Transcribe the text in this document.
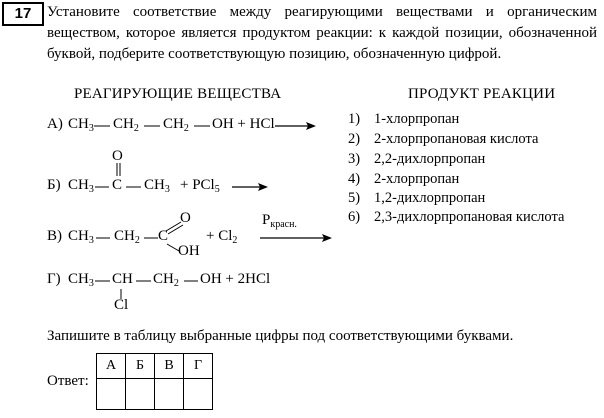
17	Установите соответствие между реагирующими веществами и органическим веществом, которое является продуктом реакции: к каждой позиции, обозначенной буквой, подберите соответствующую позицию, обозначенную цифрой.
РЕАГИРУЮЩИЕ ВЕЩЕСТВА	ПРОДУКТ РЕАКЦИИ
А) $CH_3$ $CH_2$ $CH_2$ OH + HCl
O
Б) $CH_3$ C $CH_3 + PCl_5$
O
В) $CH_3$ $CH_2$ C
OH
+ $Cl_2$
$P_{красн.}$
Г) $CH_3$ CH $CH_2$ OH + 2HCl
Cl
1) 1-хлорпропан
2) 2-хлорпропановая кислота
3) 2,2-дихлорпропан
4) 2-хлорпропан
5) 1,2-дихлорпропан
6) 2,3-дихлорпропановая кислота
Запишите в таблицу выбранные цифры под соответствующими буквами.
Ответ:
А	Б	В	Г
